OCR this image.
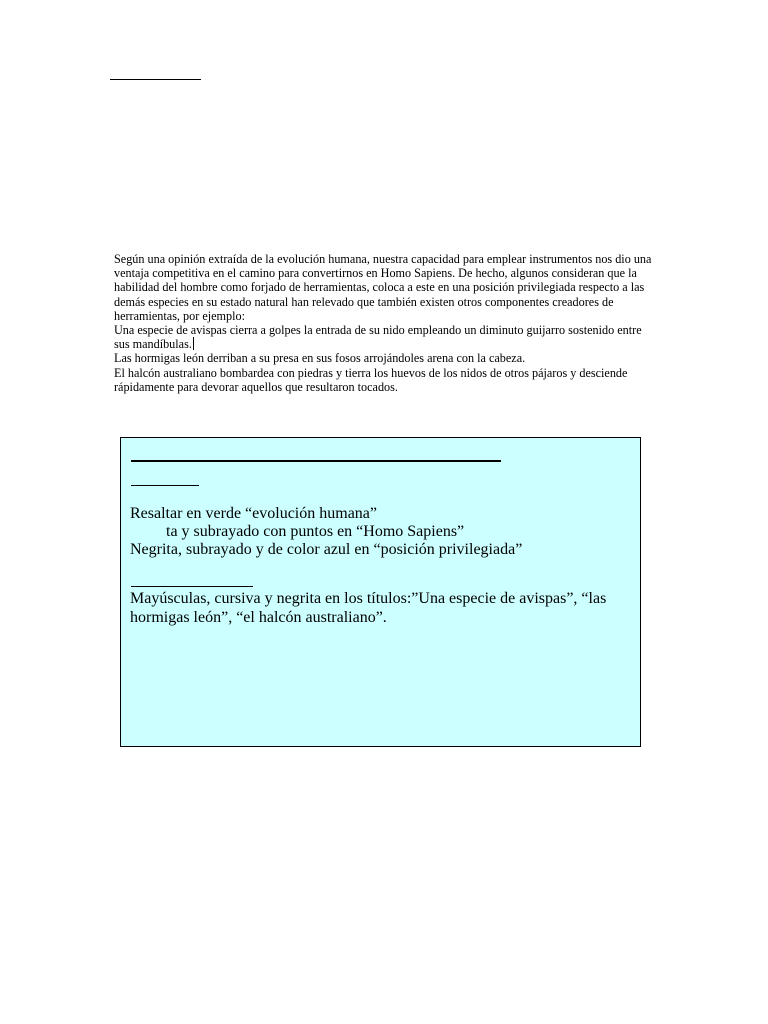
Según una opinión extraída de la evolución humana, nuestra capacidad para emplear instrumentos nos dio una ventaja competitiva en el camino para convertirnos en Homo Sapiens. De hecho, algunos consideran que la habilidad del hombre como forjado de herramientas, coloca a este en una posición privilegiada respecto a las demás especies en su estado natural han relevado que también existen otros componentes creadores de herramientas, por ejemplo:

Una especie de avispas cierra a golpes la entrada de su nido empleando un diminuto guijarro sostenido entre sus mandíbulas.

Las hormigas león derriban a su presa en sus fosos arrojándoles arena con la cabeza.

El halcón australiano bombardea con piedras y tierra los huevos de los nidos de otros pájaros y desciende rápidamente para devorar aquellos que resultaron tocados.

Resaltar en verde “evolución humana”

ta y subrayado con puntos en “Homo Sapiens”

Negrita, subrayado y de color azul en “posición privilegiada”

Mayúsculas, cursiva y negrita en los títulos:”Una especie de avispas”, “las hormigas león”, “el halcón australiano”.
